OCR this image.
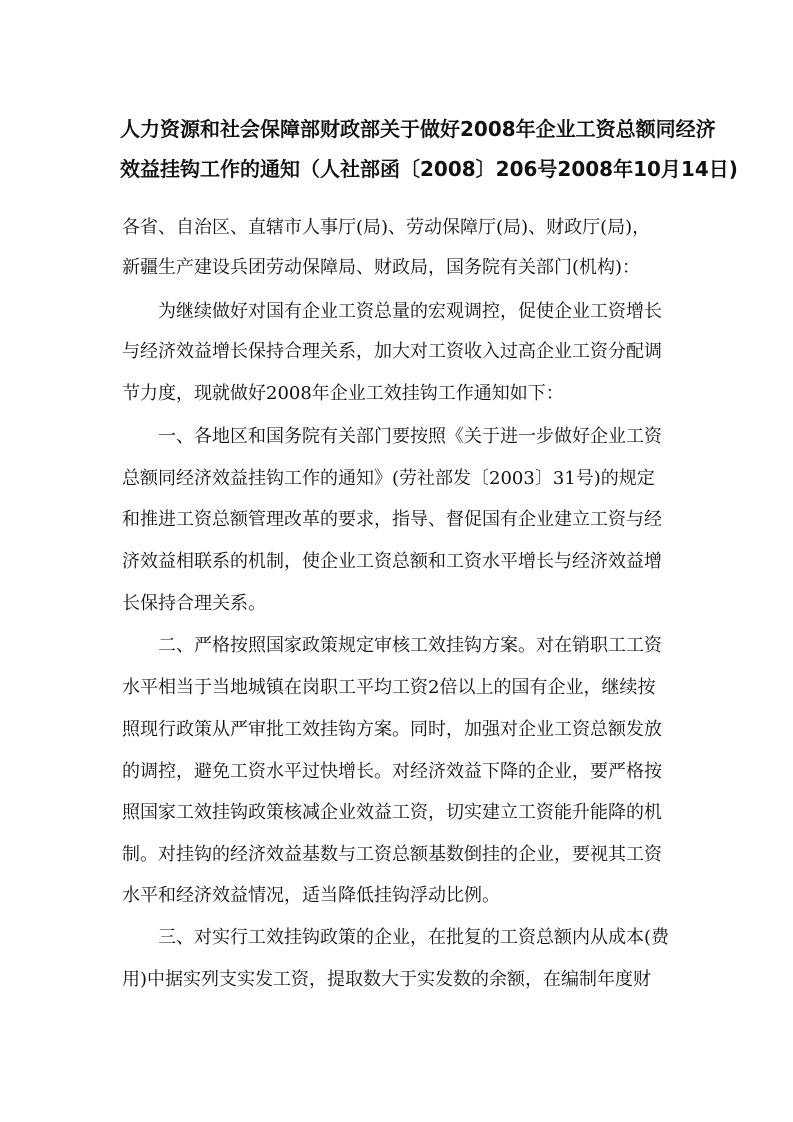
人力资源和社会保障部财政部关于做好2008年企业工资总额同经济
效益挂钩工作的通知（人社部函〔2008〕206号2008年10月14日)

各省、自治区、直辖市人事厅(局)、劳动保障厅(局)、财政厅(局)，

新疆生产建设兵团劳动保障局、财政局，国务院有关部门(机构)：

为继续做好对国有企业工资总量的宏观调控，促使企业工资增长

与经济效益增长保持合理关系，加大对工资收入过高企业工资分配调

节力度，现就做好2008年企业工效挂钩工作通知如下：

一、各地区和国务院有关部门要按照《关于进一步做好企业工资

总额同经济效益挂钩工作的通知》(劳社部发〔2003〕31号)的规定

和推进工资总额管理改革的要求，指导、督促国有企业建立工资与经

济效益相联系的机制，使企业工资总额和工资水平增长与经济效益增

长保持合理关系。

二、严格按照国家政策规定审核工效挂钩方案。对在销职工工资

水平相当于当地城镇在岗职工平均工资2倍以上的国有企业，继续按

照现行政策从严审批工效挂钩方案。同时，加强对企业工资总额发放

的调控，避免工资水平过快增长。对经济效益下降的企业，要严格按

照国家工效挂钩政策核减企业效益工资，切实建立工资能升能降的机

制。对挂钩的经济效益基数与工资总额基数倒挂的企业，要视其工资

水平和经济效益情况，适当降低挂钩浮动比例。

三、对实行工效挂钩政策的企业，在批复的工资总额内从成本(费

用)中据实列支实发工资，提取数大于实发数的余额，在编制年度财
